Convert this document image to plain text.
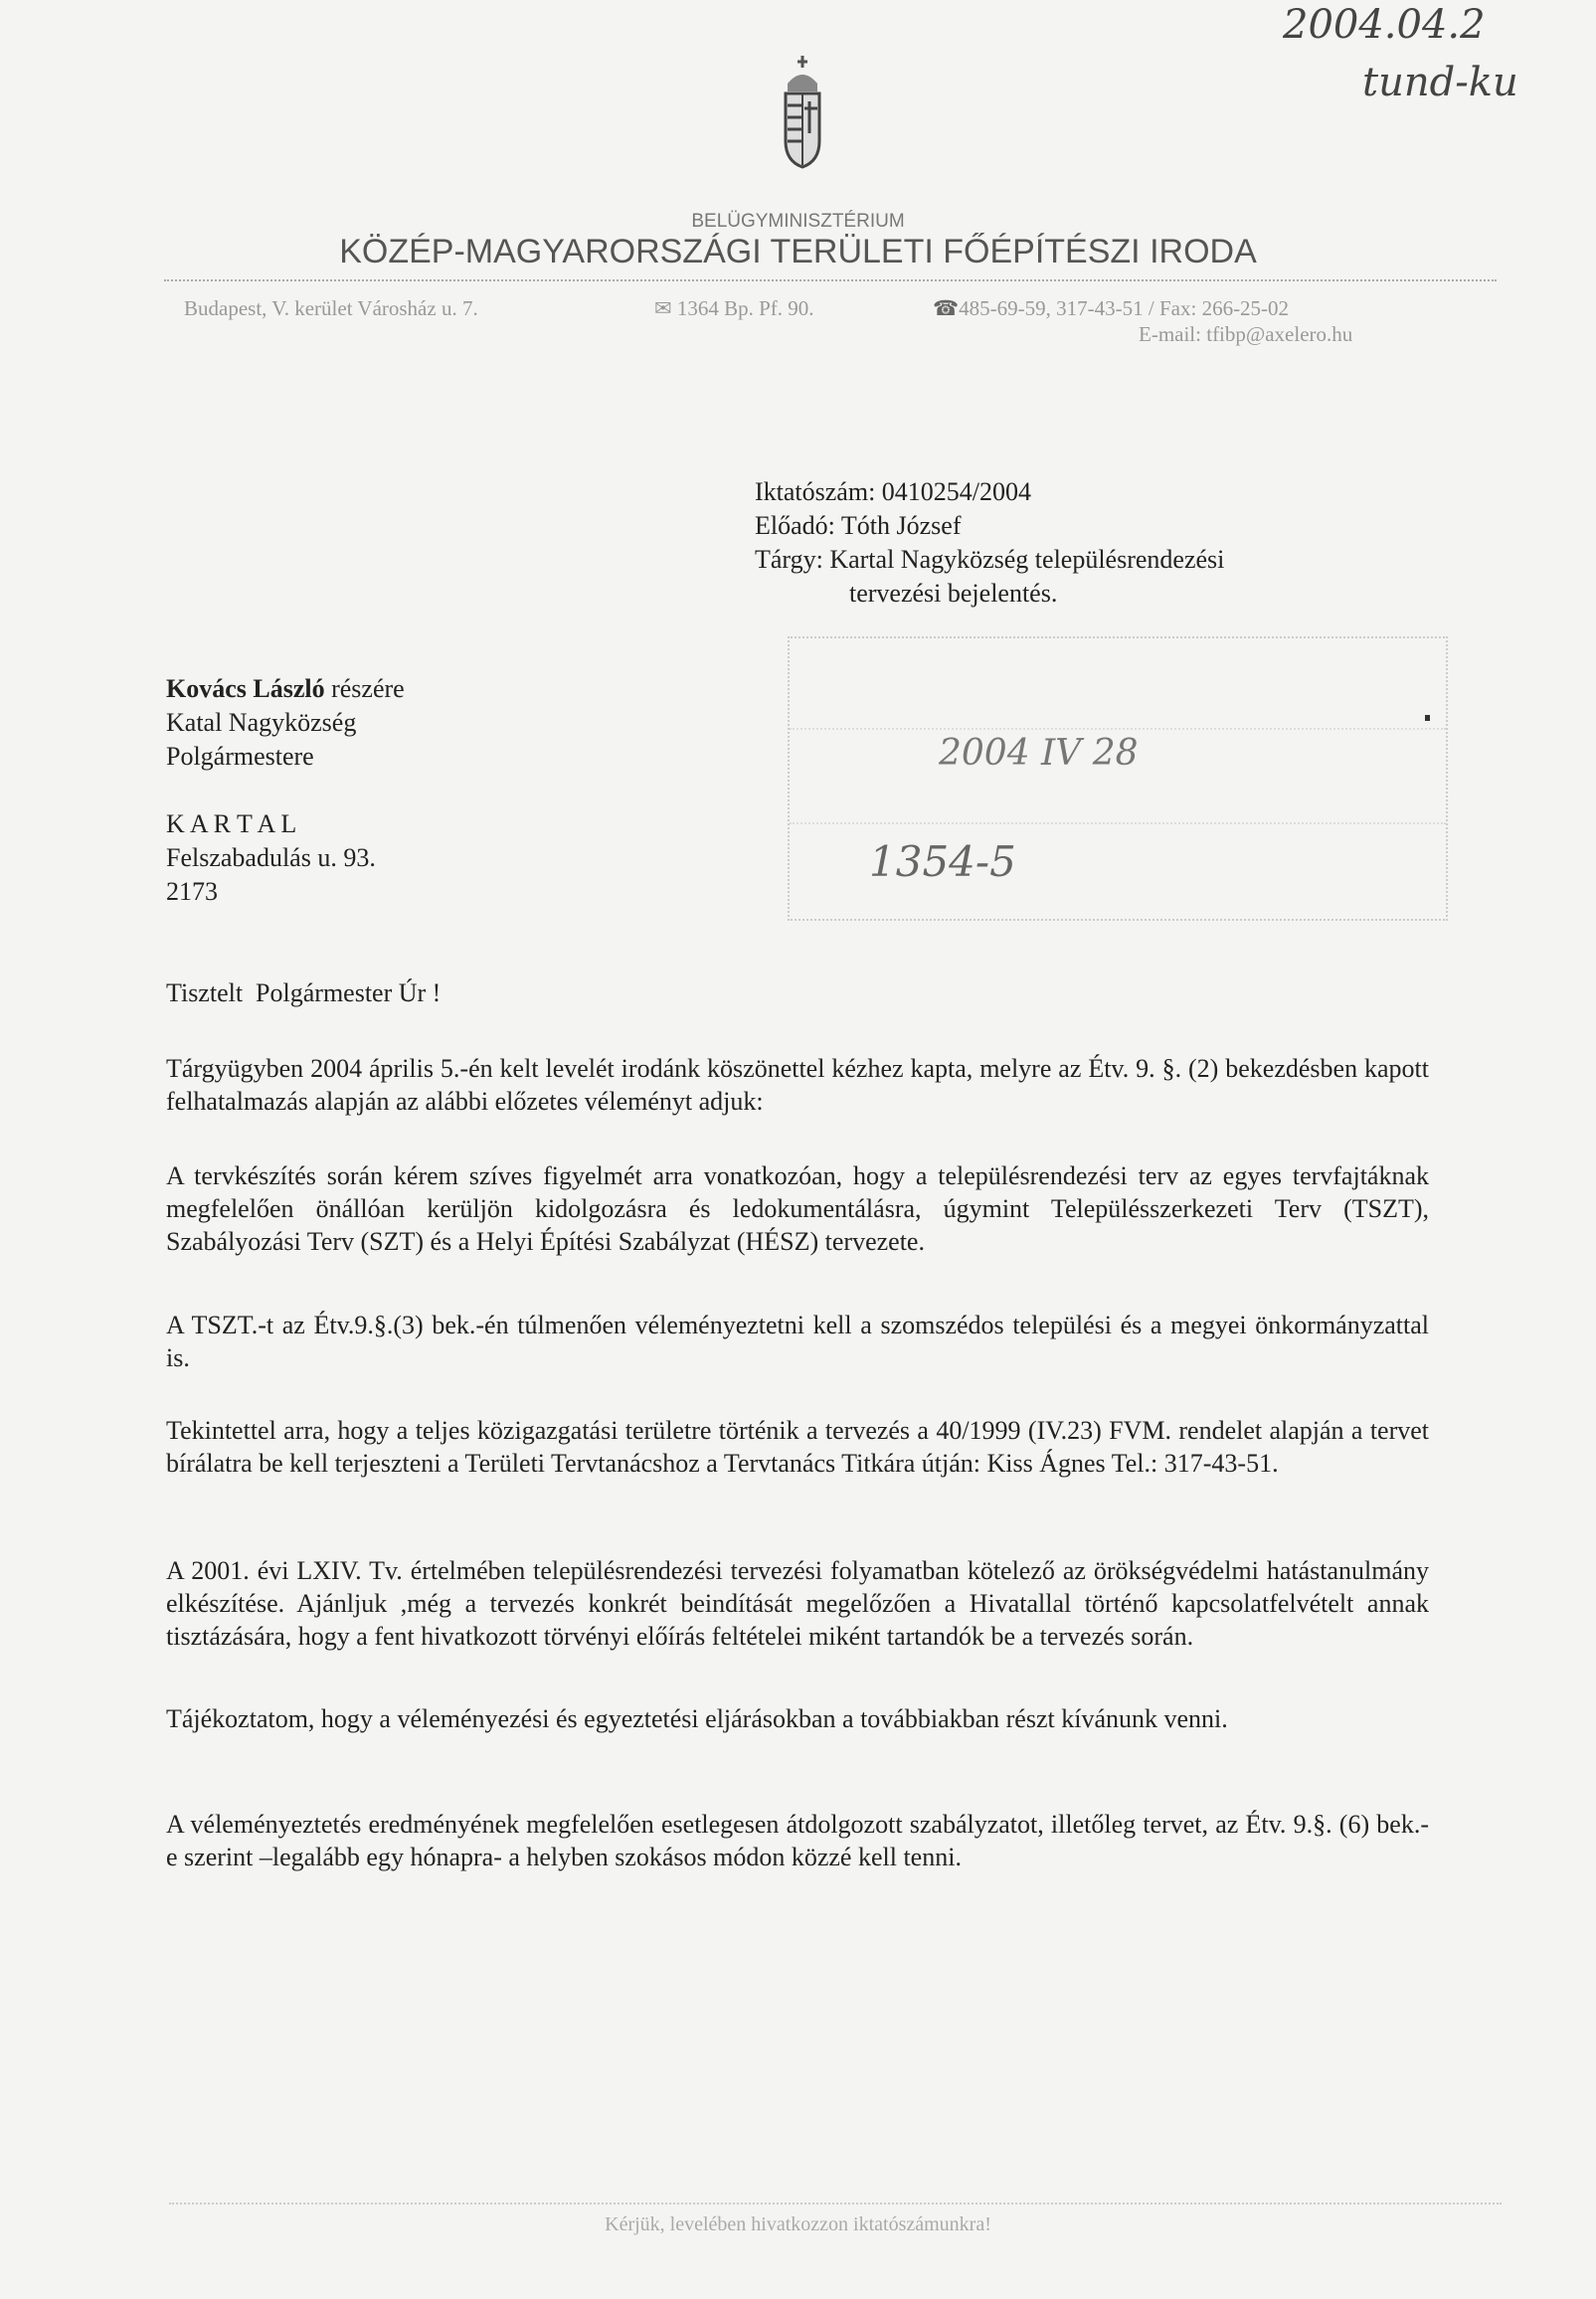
2004.04.2
tund-ku
BELÜGYMINISZTÉRIUM
KÖZÉP-MAGYARORSZÁGI TERÜLETI FŐÉPÍTÉSZI IRODA
Budapest, V. kerület Városház u. 7.	✉ 1364 Bp. Pf. 90.	☎485-69-59, 317-43-51 / Fax: 266-25-02
E-mail: tfibp@axelero.hu
Iktatószám: 0410254/2004
Előadó: Tóth József
Tárgy: Kartal Nagyközség településrendezési
tervezési bejelentés.
2004 IV 28
1354-5
Kovács László részére
Katal Nagyközség
Polgármestere
K A R T A L
Felszabadulás u. 93.
2173
Tisztelt  Polgármester Úr !
Tárgyügyben 2004 április 5.-én kelt levelét irodánk köszönettel kézhez kapta, melyre az Étv. 9. §. (2) bekezdésben kapott felhatalmazás alapján az alábbi előzetes véleményt adjuk:
A tervkészítés során kérem szíves figyelmét arra vonatkozóan, hogy a településrendezési terv az egyes tervfajtáknak megfelelően önállóan kerüljön kidolgozásra és ledokumentálásra, úgymint Településszerkezeti Terv (TSZT), Szabályozási Terv (SZT) és a Helyi Építési Szabályzat (HÉSZ) tervezete.
A TSZT.-t az Étv.9.§.(3) bek.-én túlmenően véleményeztetni kell a szomszédos települési és a megyei önkormányzattal is.
Tekintettel arra, hogy a teljes közigazgatási területre történik a tervezés a 40/1999 (IV.23) FVM. rendelet alapján a tervet bírálatra be kell terjeszteni a Területi Tervtanácshoz a Tervtanács Titkára útján: Kiss Ágnes Tel.: 317-43-51.
A 2001. évi LXIV. Tv. értelmében településrendezési tervezési folyamatban kötelező az örökségvédelmi hatástanulmány elkészítése. Ajánljuk ,még a tervezés konkrét beindítását megelőzően a Hivatallal történő kapcsolatfelvételt annak tisztázására, hogy a fent hivatkozott törvényi előírás feltételei miként tartandók be a tervezés során.
Tájékoztatom, hogy a véleményezési és egyeztetési eljárásokban a továbbiakban részt kívánunk venni.
A véleményeztetés eredményének megfelelően esetlegesen átdolgozott szabályzatot, illetőleg tervet, az Étv. 9.§. (6) bek.-e szerint –legalább egy hónapra- a helyben szokásos módon közzé kell tenni.
Kérjük, levelében hivatkozzon iktatószámunkra!
